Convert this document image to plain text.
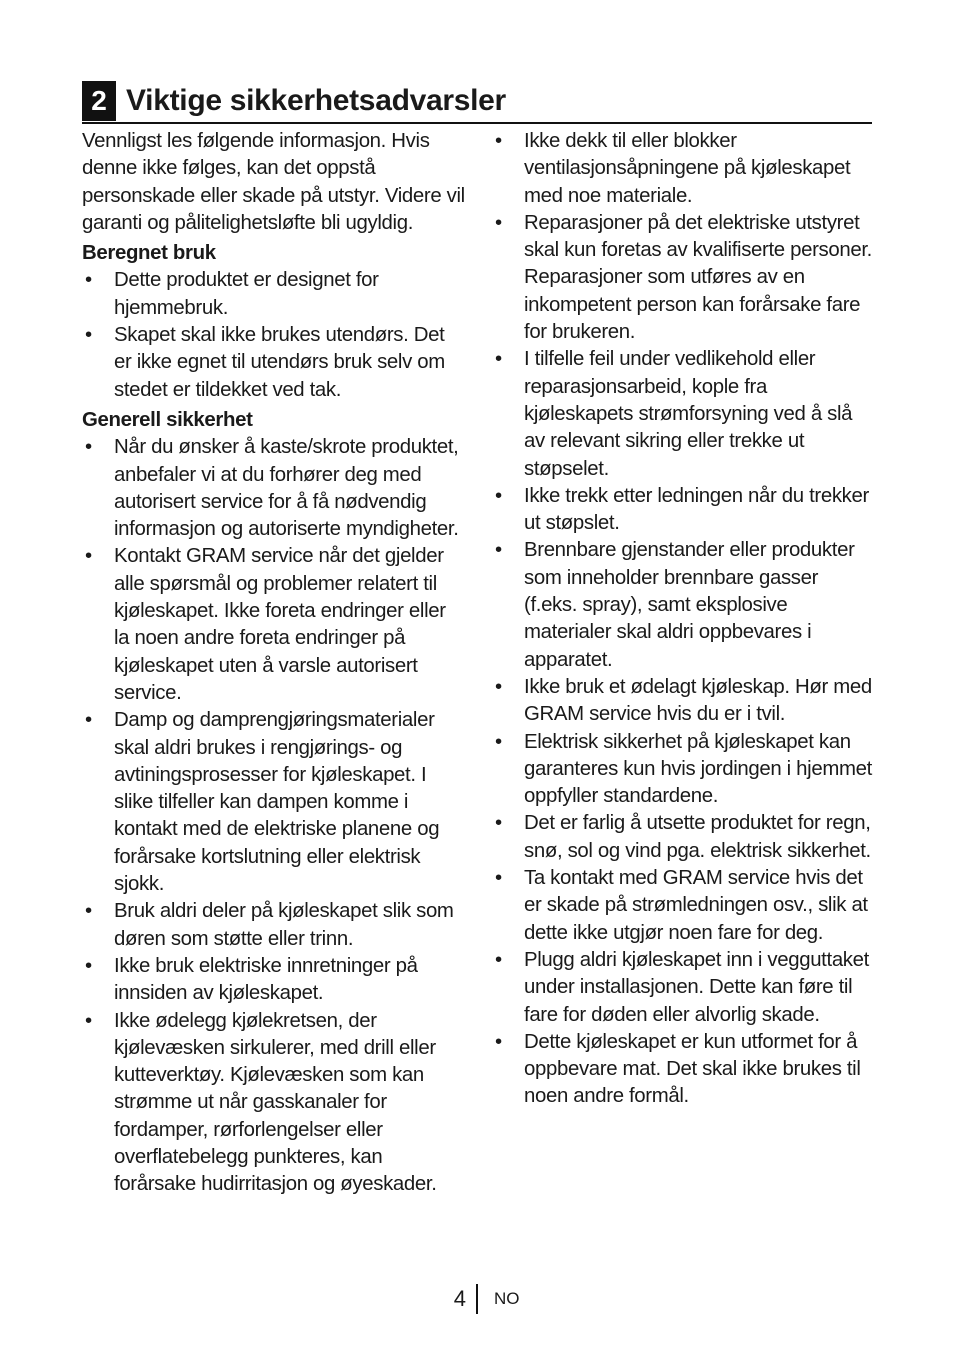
2 Viktige sikkerhetsadvarsler

Vennligst les følgende informasjon. Hvis denne ikke følges, kan det oppstå personskade eller skade på utstyr. Videre vil garanti og pålitelighetsløfte bli ugyldig.

Beregnet bruk
• Dette produktet er designet for hjemmebruk.
• Skapet skal ikke brukes utendørs. Det er ikke egnet til utendørs bruk selv om stedet er tildekket ved tak.
Generell sikkerhet
• Når du ønsker å kaste/skrote produktet, anbefaler vi at du forhører deg med autorisert service for å få nødvendig informasjon og autoriserte myndigheter.
• Kontakt GRAM service når det gjelder alle spørsmål og problemer relatert til kjøleskapet. Ikke foreta endringer eller la noen andre foreta endringer på kjøleskapet uten å varsle autorisert service.
• Damp og damprengjøringsmaterialer skal aldri brukes i rengjørings- og avtiningsprosesser for kjøleskapet. I slike tilfeller kan dampen komme i kontakt med de elektriske planene og forårsake kortslutning eller elektrisk sjokk.
• Bruk aldri deler på kjøleskapet slik som døren som støtte eller trinn.
• Ikke bruk elektriske innretninger på innsiden av kjøleskapet.
• Ikke ødelegg kjølekretsen, der kjølevæsken sirkulerer, med drill eller kutteverktøy. Kjølevæsken som kan strømme ut når gasskanaler for fordamper, rørforlengelser eller overflatebelegg punkteres, kan forårsake hudirritasjon og øyeskader.
• Ikke dekk til eller blokker ventilasjonsåpningene på kjøleskapet med noe materiale.
• Reparasjoner på det elektriske utstyret skal kun foretas av kvalifiserte personer. Reparasjoner som utføres av en inkompetent person kan forårsake fare for brukeren.
• I tilfelle feil under vedlikehold eller reparasjonsarbeid, kople fra kjøleskapets strømforsyning ved å slå av relevant sikring eller trekke ut støpselet.
• Ikke trekk etter ledningen når du trekker ut støpslet.
• Brennbare gjenstander eller produkter som inneholder brennbare gasser (f.eks. spray), samt eksplosive materialer skal aldri oppbevares i apparatet.
• Ikke bruk et ødelagt kjøleskap. Hør med GRAM service hvis du er i tvil.
• Elektrisk sikkerhet på kjøleskapet kan garanteres kun hvis jordingen i hjemmet oppfyller standardene.
• Det er farlig å utsette produktet for regn, snø, sol og vind pga. elektrisk sikkerhet.
• Ta kontakt med GRAM service hvis det er skade på strømledningen osv., slik at dette ikke utgjør noen fare for deg.
• Plugg aldri kjøleskapet inn i vegguttaket under installasjonen. Dette kan føre til fare for døden eller alvorlig skade.
• Dette kjøleskapet er kun utformet for å oppbevare mat. Det skal ikke brukes til noen andre formål.
4 NO
